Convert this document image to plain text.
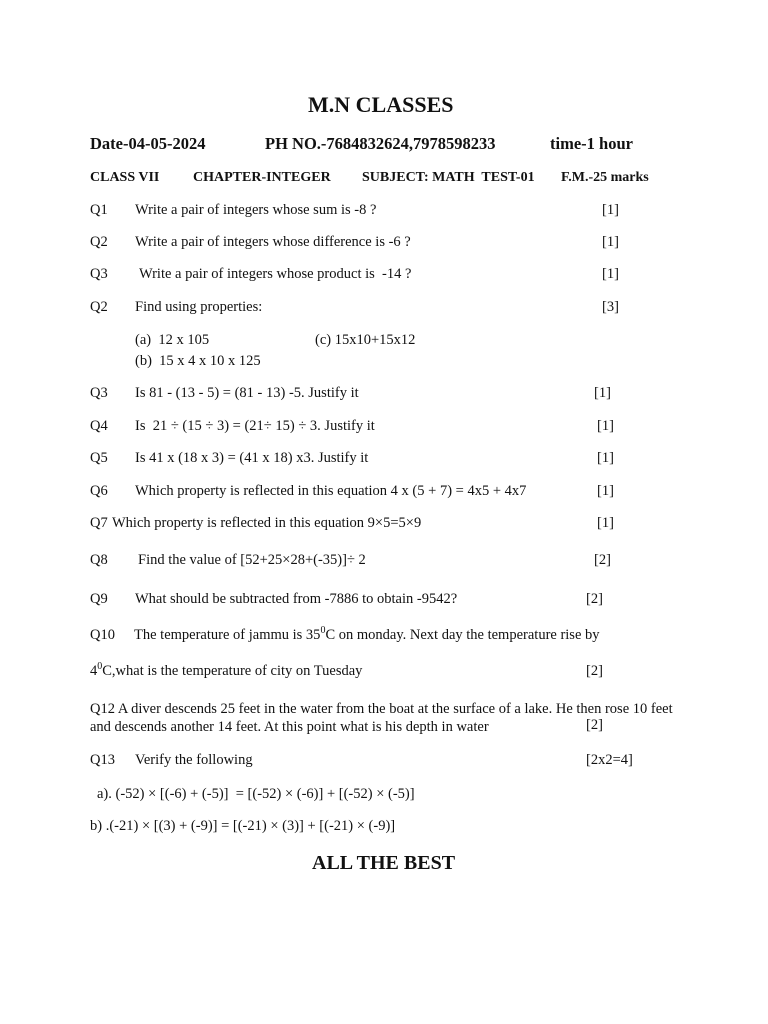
M.N CLASSES
Date-04-05-2024	PH NO.-7684832624,7978598233	time-1 hour
CLASS VII CHAPTER-INTEGER SUBJECT: MATH  TEST-01 F.M.-25 marks
Q1 Write a pair of integers whose sum is -8 ?	[1]
Q2 Write a pair of integers whose difference is -6 ?	[1]
Q3 Write a pair of integers whose product is  -14 ?	[1]
Q2 Find using properties:	[3]
(a)  12 x 105	(c) 15x10+15x12
(b)  15 x 4 x 10 x 125
Q3 Is 81 - (13 - 5) = (81 - 13) -5. Justify it	[1]
Q4 Is  21 ÷ (15 ÷ 3) = (21÷ 15) ÷ 3. Justify it	[1]
Q5 Is 41 x (18 x 3) = (41 x 18) x3. Justify it	[1]
Q6 Which property is reflected in this equation 4 x (5 + 7) = 4x5 + 4x7	[1]
Q7 Which property is reflected in this equation 9×5=5×9	[1]
Q8 Find the value of [52+25×28+(-35)]÷ 2	[2]
Q9 What should be subtracted from -7886 to obtain -9542?	[2]
Q10 The temperature of jammu is $35^0C$ on monday. Next day the temperature rise by
$4^0C,what$ is the temperature of city on Tuesday	[2]
Q12 A diver descends 25 feet in the water from the boat at the surface of a lake. He then rose 10 feet and descends another 14 feet. At this point what is his depth in water	[2]
Q13 Verify the following	[2x2=4]
a). (-52) × [(-6) + (-5)]  = [(-52) × (-6)] + [(-52) × (-5)]
b) .(-21) × [(3) + (-9)] = [(-21) × (3)] + [(-21) × (-9)]
ALL THE BEST
